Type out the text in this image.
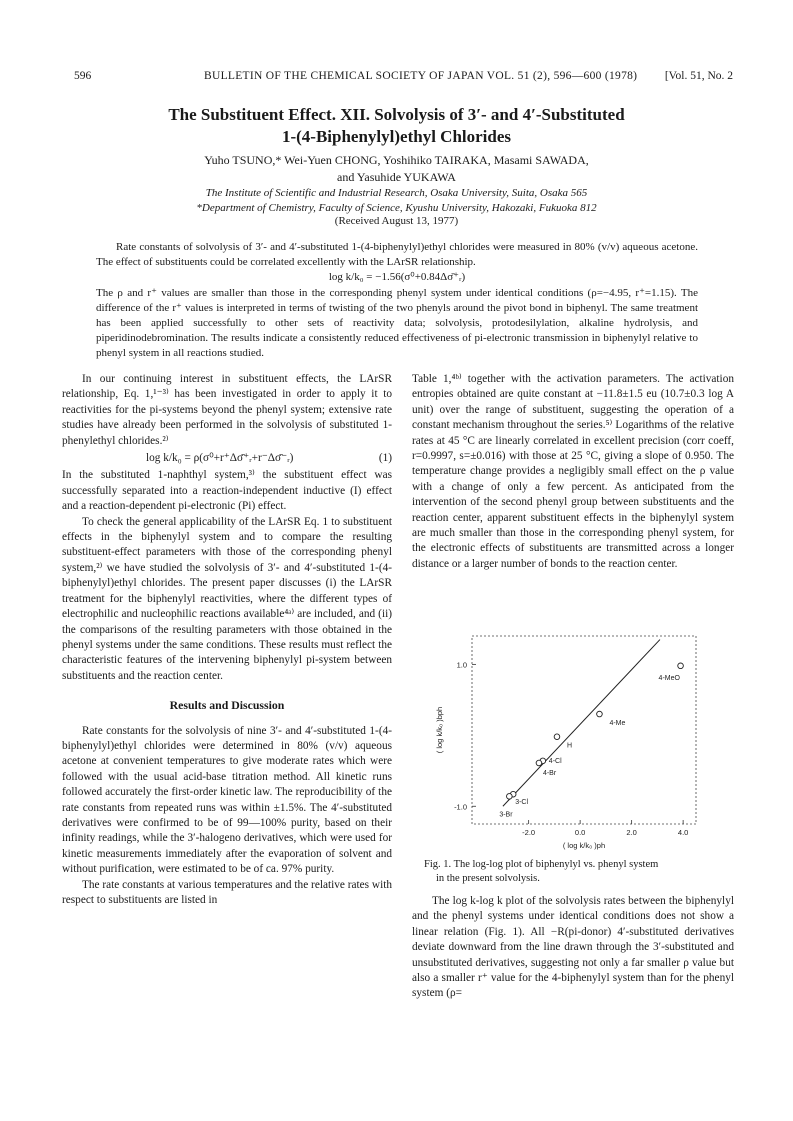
596	BULLETIN OF THE CHEMICAL SOCIETY OF JAPAN VOL. 51 (2), 596—600 (1978) [Vol. 51, No. 2
The Substituent Effect. XII. Solvolysis of 3′- and 4′-Substituted
1-(4-Biphenylyl)ethyl Chlorides
Yuho TSUNO,* Wei-Yuen CHONG, Yoshihiko TAIRAKA, Masami SAWADA,
and Yasuhide YUKAWA
The Institute of Scientific and Industrial Research, Osaka University, Suita, Osaka 565
*Department of Chemistry, Faculty of Science, Kyushu University, Hakozaki, Fukuoka 812
(Received August 13, 1977)

Rate constants of solvolysis of 3′- and 4′-substituted 1-(4-biphenylyl)ethyl chlorides were measured in 80% (v/v) aqueous acetone. The effect of substituents could be correlated excellently with the LArSR relationship.

log k/k₀ = −1.56(σ⁰+0.84Δσ̄⁺ᵣ)

The ρ and r⁺ values are smaller than those in the corresponding phenyl system under identical conditions (ρ=−4.95, r⁺=1.15). The difference of the r⁺ values is interpreted in terms of twisting of the two phenyls around the pivot bond in biphenyl. The same treatment has been applied successfully to other sets of reactivity data; solvolysis, protodesilylation, alkaline hydrolysis, and piperidinodebromination. The results indicate a consistently reduced effectiveness of pi-electronic transmission in biphenylyl relative to phenyl system in all reactions studied.

In our continuing interest in substituent effects, the LArSR relationship, Eq. 1,¹⁻³⁾ has been investigated in order to apply it to reactivities for the pi-systems beyond the phenyl system; extensive rate studies have already been performed in the solvolysis of substituted 1-phenylethyl chlorides.²⁾

log k/k₀ = ρ(σ⁰+r⁺Δσ̄⁺ᵣ+r⁻Δσ̄⁻ᵣ)	(1)

In the substituted 1-naphthyl system,³⁾ the substituent effect was successfully separated into a reaction-independent inductive (I) effect and a reaction-dependent pi-electronic (Pi) effect.

To check the general applicability of the LArSR Eq. 1 to substituent effects in the biphenylyl system and to compare the resulting substituent-effect parameters with those of the corresponding phenyl system,²⁾ we have studied the solvolysis of 3′- and 4′-substituted 1-(4-biphenylyl)ethyl chlorides. The present paper discusses (i) the LArSR treatment for the biphenylyl reactivities, where the different types of electrophilic and nucleophilic reactions available⁴ᵃ⁾ are included, and (ii) the comparisons of the resulting parameters with those obtained in the phenyl systems under the same conditions. These results must reflect the characteristic features of the intervening biphenylyl pi-system between substituents and the reaction center.

Results and Discussion

Rate constants for the solvolysis of nine 3′- and 4′-substituted 1-(4-biphenylyl)ethyl chlorides were determined in 80% (v/v) aqueous acetone at convenient temperatures to give moderate rates which were followed with the usual acid-base titration method. All kinetic runs followed accurately the first-order kinetic law. The reproducibility of the rate constants from repeated runs was within ±1.5%. The 4′-substituted derivatives were confirmed to be of 99—100% purity, based on their infinity readings, while the 3′-halogeno derivatives, which were used for kinetic measurements immediately after the evaporation of solvent and without purification, were estimated to be of ca. 97% purity.

The rate constants at various temperatures and the relative rates with respect to substituents are listed in

Table 1,⁴ᵇ⁾ together with the activation parameters. The activation entropies obtained are quite constant at −11.8±1.5 eu (10.7±0.3 log A unit) over the range of substituent, suggesting the operation of a constant mechanism throughout the series.⁵⁾ Logarithms of the relative rates at 45 °C are linearly correlated in excellent precision (corr coeff, r=0.9997, s=±0.016) with those at 25 °C, giving a slope of 0.950. The temperature change provides a negligibly small effect on the ρ value with a change of only a few percent. As anticipated from the intervention of the second phenyl group between substituents and the reaction center, apparent substituent effects in the biphenylyl system are much smaller than those in the corresponding phenyl system, for the electronic effects of substituents are transmitted across a longer distance or a larger number of bonds to the reaction center.

-2.0	0.0	2.0	4.0
1.0
-1.0
( log k/k₀ )ph
( log k/k₀ )bph
4-MeO
4-Me
H
4-Cl
4-Br
3-Cl
3-Br
Fig. 1. The log-log plot of biphenylyl vs. phenyl system
in the present solvolysis.

The log k-log k plot of the solvolysis rates between the biphenylyl and the phenyl systems under identical conditions does not show a linear relation (Fig. 1). All −R(pi-donor) 4′-substituted derivatives deviate downward from the line drawn through the 3′-substituted and unsubstituted derivatives, suggesting not only a far smaller ρ value but also a smaller r⁺ value for the 4-biphenylyl system than for the phenyl system (ρ=
